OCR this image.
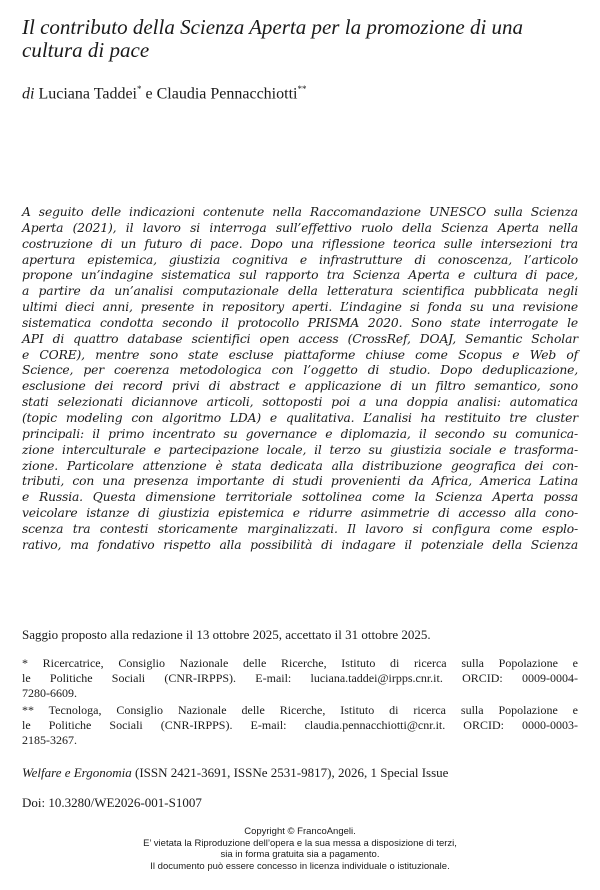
Il contributo della Scienza Aperta per la promozione di una cultura di pace
di Luciana Taddei* e Claudia Pennacchiotti**
A seguito delle indicazioni contenute nella Raccomandazione UNESCO sulla Scienza
Aperta (2021), il lavoro si interroga sull’effettivo ruolo della Scienza Aperta nella
costruzione di un futuro di pace. Dopo una riflessione teorica sulle intersezioni tra
apertura epistemica, giustizia cognitiva e infrastrutture di conoscenza, l’articolo
propone un’indagine sistematica sul rapporto tra Scienza Aperta e cultura di pace,
a partire da un’analisi computazionale della letteratura scientifica pubblicata negli
ultimi dieci anni, presente in repository aperti. L’indagine si fonda su una revisione
sistematica condotta secondo il protocollo PRISMA 2020. Sono state interrogate le
API di quattro database scientifici open access (CrossRef, DOAJ, Semantic Scholar
e CORE), mentre sono state escluse piattaforme chiuse come Scopus e Web of
Science, per coerenza metodologica con l’oggetto di studio. Dopo deduplicazione,
esclusione dei record privi di abstract e applicazione di un filtro semantico, sono
stati selezionati diciannove articoli, sottoposti poi a una doppia analisi: automatica
(topic modeling con algoritmo LDA) e qualitativa. L’analisi ha restituito tre cluster
principali: il primo incentrato su governance e diplomazia, il secondo su comunica-
zione interculturale e partecipazione locale, il terzo su giustizia sociale e trasforma-
zione. Particolare attenzione è stata dedicata alla distribuzione geografica dei con-
tributi, con una presenza importante di studi provenienti da Africa, America Latina
e Russia. Questa dimensione territoriale sottolinea come la Scienza Aperta possa
veicolare istanze di giustizia epistemica e ridurre asimmetrie di accesso alla cono-
scenza tra contesti storicamente marginalizzati. Il lavoro si configura come esplo-
rativo, ma fondativo rispetto alla possibilità di indagare il potenziale della Scienza
Saggio proposto alla redazione il 13 ottobre 2025, accettato il 31 ottobre 2025.
* Ricercatrice, Consiglio Nazionale delle Ricerche, Istituto di ricerca sulla Popolazione e
le Politiche Sociali (CNR-IRPPS). E-mail: luciana.taddei@irpps.cnr.it. ORCID: 0009-0004-
7280-6609.
** Tecnologa, Consiglio Nazionale delle Ricerche, Istituto di ricerca sulla Popolazione e
le Politiche Sociali (CNR-IRPPS). E-mail: claudia.pennacchiotti@cnr.it. ORCID: 0000-0003-
2185-3267.
Welfare e Ergonomia (ISSN 2421-3691, ISSNe 2531-9817), 2026, 1 Special Issue
Doi: 10.3280/WE2026-001-S1007
Copyright © FrancoAngeli.
E’ vietata la Riproduzione dell’opera e la sua messa a disposizione di terzi,
sia in forma gratuita sia a pagamento.
Il documento può essere concesso in licenza individuale o istituzionale.
